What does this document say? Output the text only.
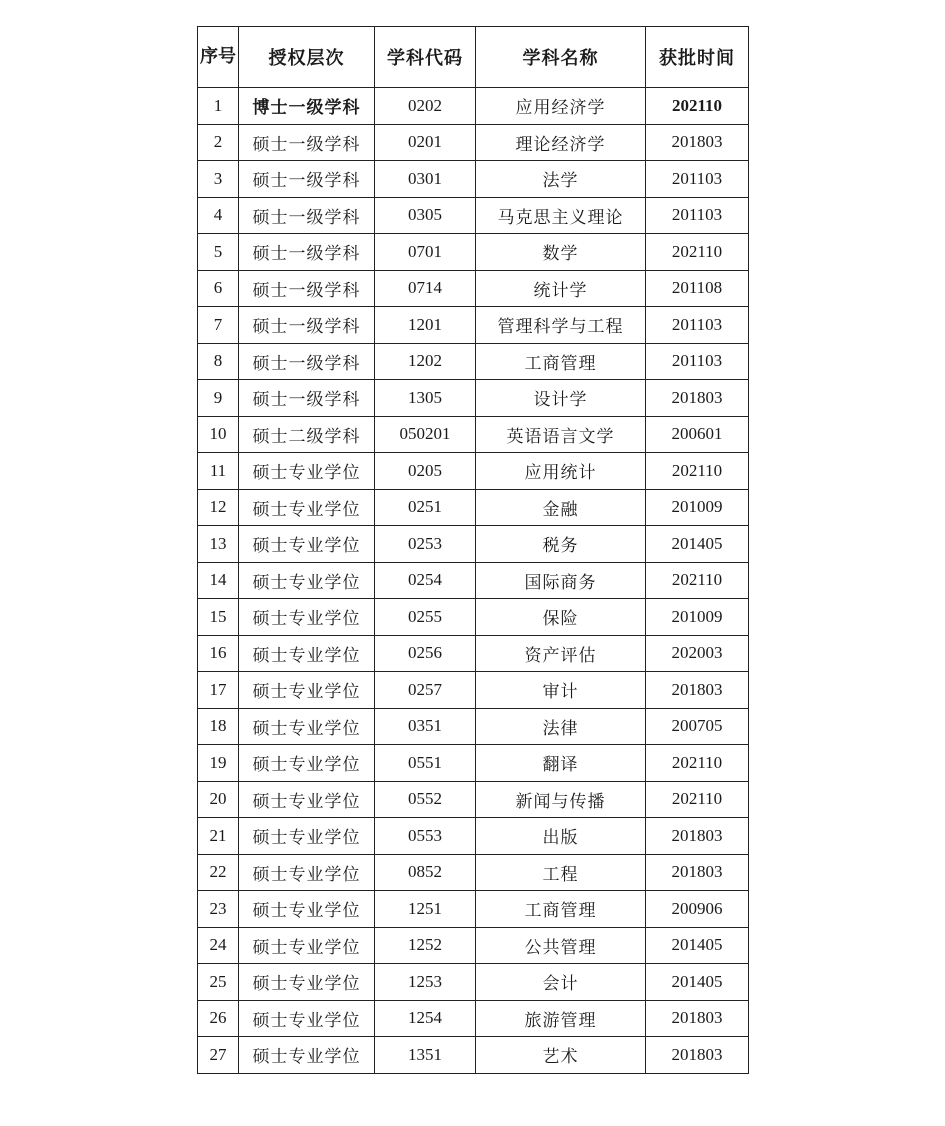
序号	授权层次	学科代码	学科名称	获批时间
1	博士一级学科	0202	应用经济学	202110
2	硕士一级学科	0201	理论经济学	201803
3	硕士一级学科	0301	法学	201103
4	硕士一级学科	0305	马克思主义理论	201103
5	硕士一级学科	0701	数学	202110
6	硕士一级学科	0714	统计学	201108
7	硕士一级学科	1201	管理科学与工程	201103
8	硕士一级学科	1202	工商管理	201103
9	硕士一级学科	1305	设计学	201803
10	硕士二级学科	050201	英语语言文学	200601
11	硕士专业学位	0205	应用统计	202110
12	硕士专业学位	0251	金融	201009
13	硕士专业学位	0253	税务	201405
14	硕士专业学位	0254	国际商务	202110
15	硕士专业学位	0255	保险	201009
16	硕士专业学位	0256	资产评估	202003
17	硕士专业学位	0257	审计	201803
18	硕士专业学位	0351	法律	200705
19	硕士专业学位	0551	翻译	202110
20	硕士专业学位	0552	新闻与传播	202110
21	硕士专业学位	0553	出版	201803
22	硕士专业学位	0852	工程	201803
23	硕士专业学位	1251	工商管理	200906
24	硕士专业学位	1252	公共管理	201405
25	硕士专业学位	1253	会计	201405
26	硕士专业学位	1254	旅游管理	201803
27	硕士专业学位	1351	艺术	201803
